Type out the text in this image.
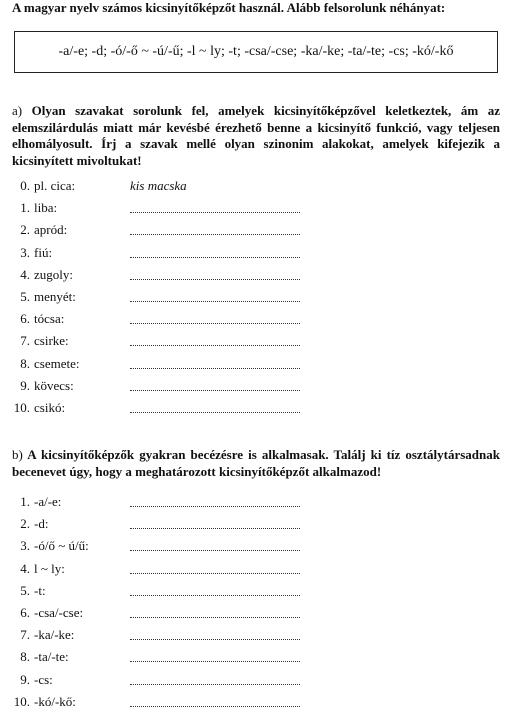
A magyar nyelv számos kicsinyítőképzőt használ. Alább felsorolunk néhányat:
-a/-e; -d; -ó/-ő ~ -ú/-ű; -l ~ ly; -t; -csa/-cse; -ka/-ke; -ta/-te; -cs; -kó/-kő
a) Olyan szavakat sorolunk fel, amelyek kicsinyítőképzővel keletkeztek, ám az elemszilárdulás miatt már kevésbé érezhető benne a kicsinyítő funkció, vagy teljesen elhomályosult. Írj a szavak mellé olyan szinonim alakokat, amelyek kifejezik a kicsinyített mivoltukat!
0. pl. cica:	kis macska
1. liba:
2. apród:
3. fiú:
4. zugoly:
5. menyét:
6. tócsa:
7. csirke:
8. csemete:
9. kövecs:
10. csikó:
b) A kicsinyítőképzők gyakran becézésre is alkalmasak. Találj ki tíz osztálytársadnak becenevet úgy, hogy a meghatározott kicsinyítőképzőt alkalmazod!
1. -a/-e:
2. -d:
3. -ó/ő ~ ú/ű:
4. l ~ ly:
5. -t:
6. -csa/-cse:
7. -ka/-ke:
8. -ta/-te:
9. -cs:
10. -kó/-kő:
